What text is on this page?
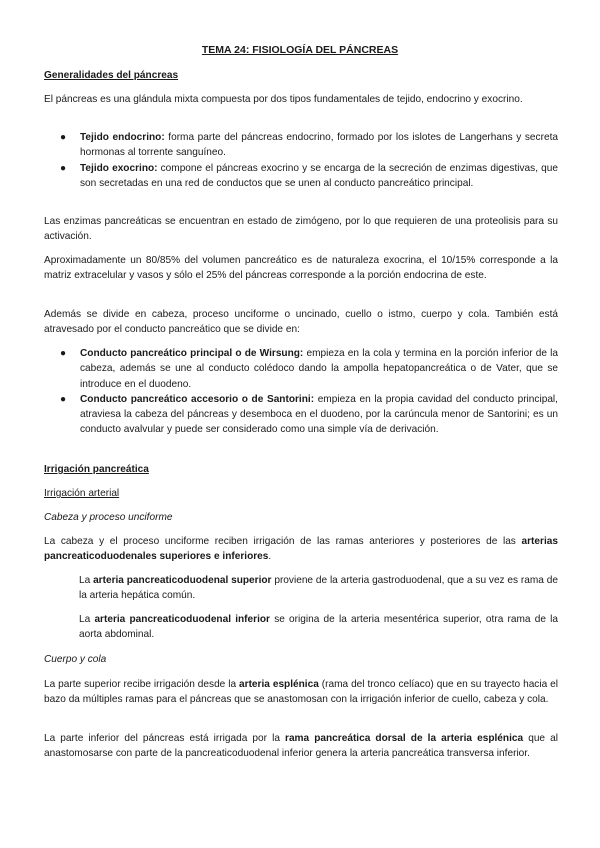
TEMA 24: FISIOLOGÍA DEL PÁNCREAS
Generalidades del páncreas
El páncreas es una glándula mixta compuesta por dos tipos fundamentales de tejido, endocrino y exocrino.
● Tejido endocrino: forma parte del páncreas endocrino, formado por los islotes de Langerhans y secreta hormonas al torrente sanguíneo.
● Tejido exocrino: compone el páncreas exocrino y se encarga de la secreción de enzimas digestivas, que son secretadas en una red de conductos que se unen al conducto pancreático principal.
Las enzimas pancreáticas se encuentran en estado de zimógeno, por lo que requieren de una proteolisis para su activación.
Aproximadamente un 80/85% del volumen pancreático es de naturaleza exocrina, el 10/15% corresponde a la matriz extracelular y vasos y sólo el 25% del páncreas corresponde a la porción endocrina de este.
Además se divide en cabeza, proceso unciforme o uncinado, cuello o istmo, cuerpo y cola. También está atravesado por el conducto pancreático que se divide en:
● Conducto pancreático principal o de Wirsung: empieza en la cola y termina en la porción inferior de la cabeza, además se une al conducto colédoco dando la ampolla hepatopancreática o de Vater, que se introduce en el duodeno.
● Conducto pancreático accesorio o de Santorini: empieza en la propia cavidad del conducto principal, atraviesa la cabeza del páncreas y desemboca en el duodeno, por la carúncula menor de Santorini; es un conducto avalvular y puede ser considerado como una simple vía de derivación.
Irrigación pancreática
Irrigación arterial
Cabeza y proceso unciforme
La cabeza y el proceso unciforme reciben irrigación de las ramas anteriores y posteriores de las arterias pancreaticoduodenales superiores e inferiores.
La arteria pancreaticoduodenal superior proviene de la arteria gastroduodenal, que a su vez es rama de la arteria hepática común.
La arteria pancreaticoduodenal inferior se origina de la arteria mesentérica superior, otra rama de la aorta abdominal.
Cuerpo y cola
La parte superior recibe irrigación desde la arteria esplénica (rama del tronco celíaco) que en su trayecto hacia el bazo da múltiples ramas para el páncreas que se anastomosan con la irrigación inferior de cuello, cabeza y cola.
La parte inferior del páncreas está irrigada por la rama pancreática dorsal de la arteria esplénica que al anastomosarse con parte de la pancreaticoduodenal inferior genera la arteria pancreática transversa inferior.
